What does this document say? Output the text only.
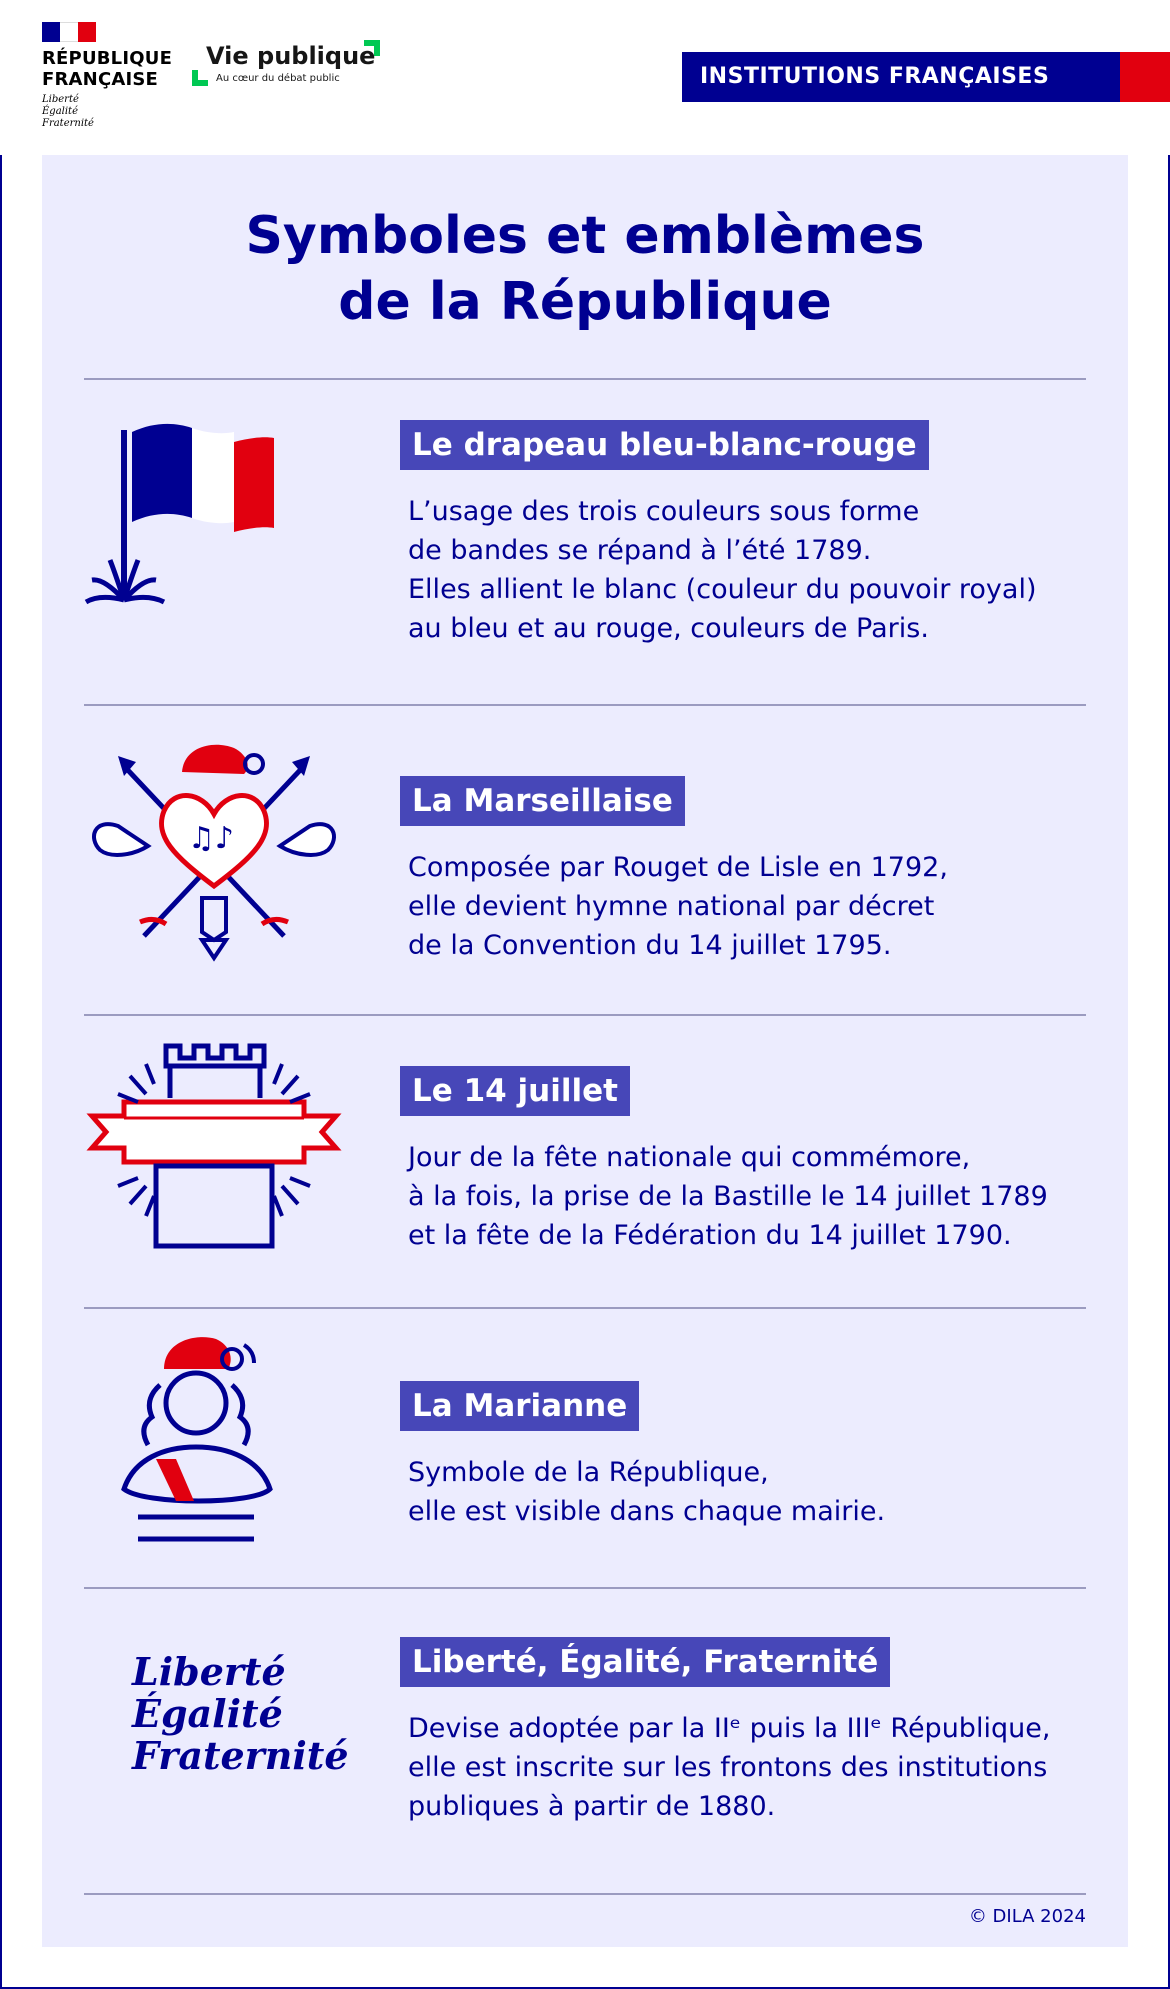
RÉPUBLIQUE
FRANÇAISE
Liberté
Égalité
Fraternité
Vie publique
Au cœur du débat public	INSTITUTIONS FRANÇAISES
Symboles et emblèmes
de la République
Le drapeau bleu-blanc-rouge
L’usage des trois couleurs sous forme
de bandes se répand à l’été 1789.
Elles allient le blanc (couleur du pouvoir royal)
au bleu et au rouge, couleurs de Paris.
♫♪
La Marseillaise
Composée par Rouget de Lisle en 1792,
elle devient hymne national par décret
de la Convention du 14 juillet 1795.
Le 14 juillet
Jour de la fête nationale qui commémore,
à la fois, la prise de la Bastille le 14 juillet 1789
et la fête de la Fédération du 14 juillet 1790.
La Marianne
Symbole de la République,
elle est visible dans chaque mairie.
Liberté
Égalité
Fraternité
Liberté, Égalité, Fraternité
Devise adoptée par la IIᵉ puis la IIIᵉ République,
elle est inscrite sur les frontons des institutions
publiques à partir de 1880.
© DILA 2024
